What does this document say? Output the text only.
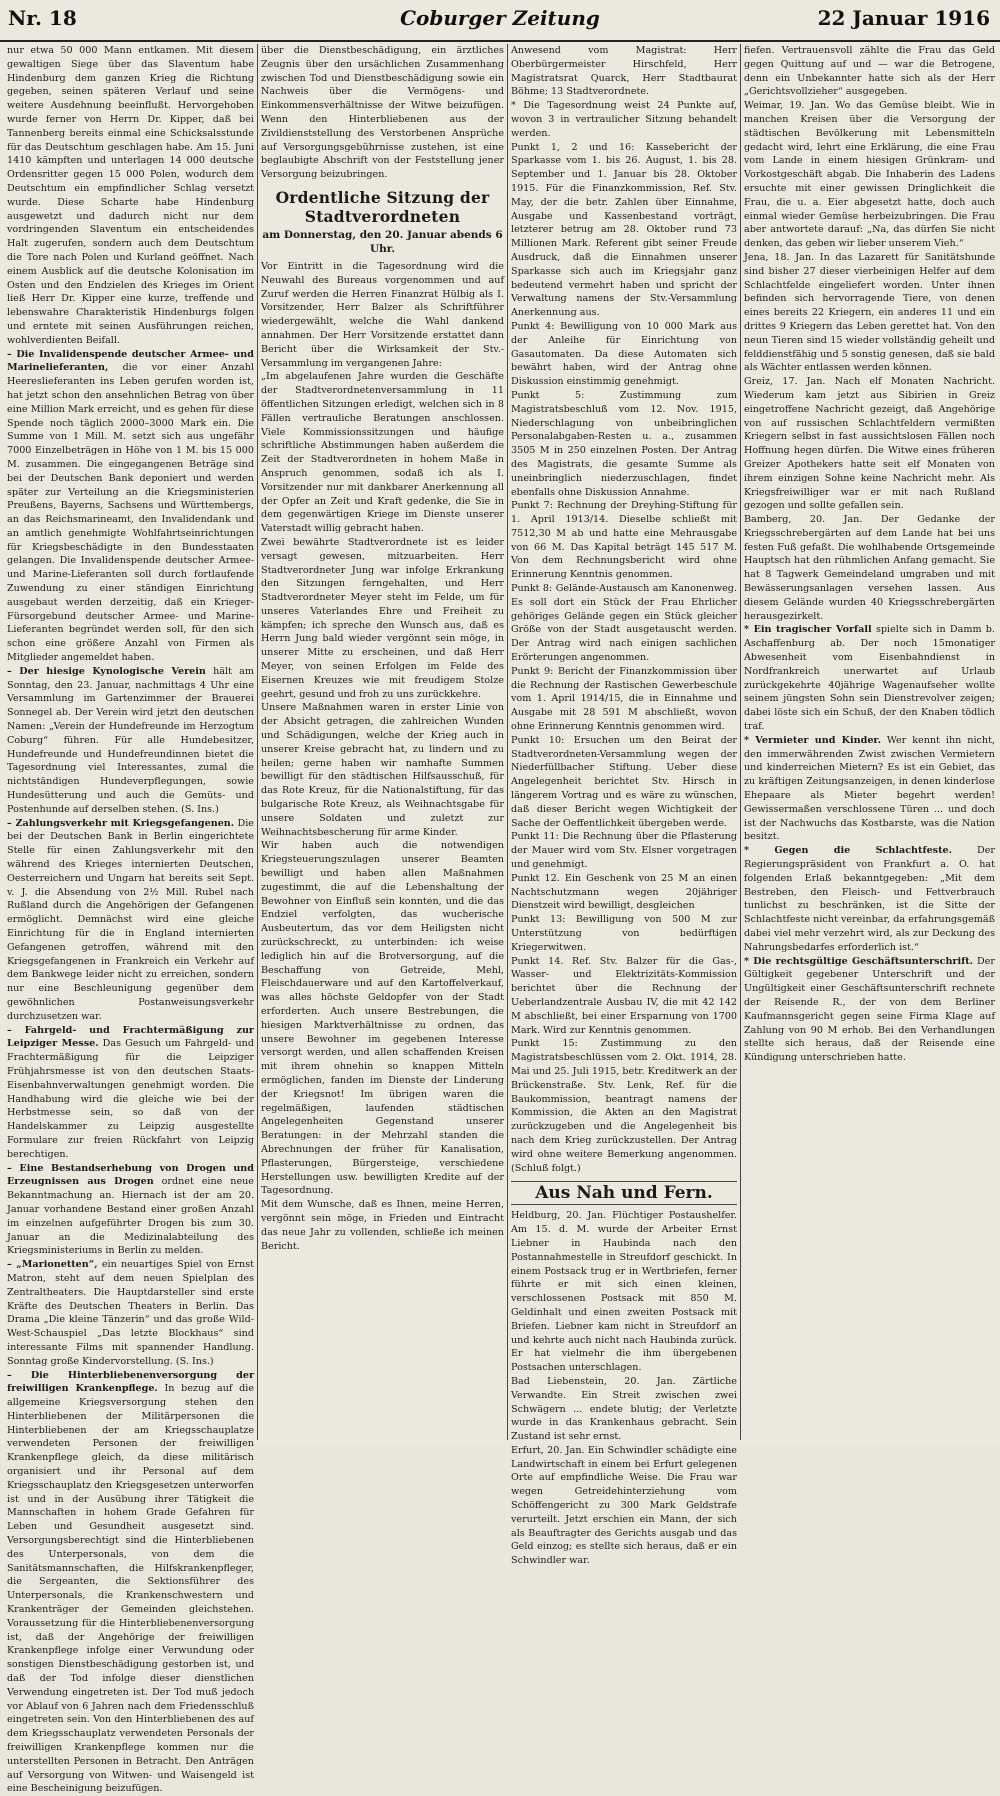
Nr. 18	Coburger Zeitung	22 Januar 1916

nur etwa 50 000 Mann entkamen. Mit diesem gewaltigen Siege über das Slaventum habe Hindenburg dem ganzen Krieg die Richtung gegeben, seinen späteren Verlauf und seine weitere Ausdehnung beeinflußt. Hervorgehoben wurde ferner von Herrn Dr. Kipper, daß bei Tannenberg bereits einmal eine Schicksalsstunde für das Deutschtum geschlagen habe. Am 15. Juni 1410 kämpften und unterlagen 14 000 deutsche Ordensritter gegen 15 000 Polen, wodurch dem Deutschtum ein empfindlicher Schlag versetzt wurde. Diese Scharte habe Hindenburg ausgewetzt und dadurch nicht nur dem vordringenden Slaventum ein entscheidendes Halt zugerufen, sondern auch dem Deutschtum die Tore nach Polen und Kurland geöffnet. Nach einem Ausblick auf die deutsche Kolonisation im Osten und den Endzielen des Krieges im Orient ließ Herr Dr. Kipper eine kurze, treffende und lebenswahre Charakteristik Hindenburgs folgen und erntete mit seinen Ausführungen reichen, wohlverdienten Beifall.

– Die Invalidenspende deutscher Armee- und Marinelieferanten, die vor einer Anzahl Heereslieferanten ins Leben gerufen worden ist, hat jetzt schon den ansehnlichen Betrag von über eine Million Mark erreicht, und es gehen für diese Spende noch täglich 2000–3000 Mark ein. Die Summe von 1 Mill. M. setzt sich aus ungefähr 7000 Einzelbeträgen in Höhe von 1 M. bis 15 000 M. zusammen. Die eingegangenen Beträge sind bei der Deutschen Bank deponiert und werden später zur Verteilung an die Kriegsministerien Preußens, Bayerns, Sachsens und Württembergs, an das Reichsmarineamt, den Invalidendank und an amtlich genehmigte Wohlfahrtseinrichtungen für Kriegsbeschädigte in den Bundesstaaten gelangen. Die Invalidenspende deutscher Armee- und Marine-Lieferanten soll durch fortlaufende Zuwendung zu einer ständigen Einrichtung ausgebaut werden derzeitig, daß ein Krieger-Fürsorgebund deutscher Armee- und Marine-Lieferanten begründet werden soll, für den sich schon eine größere Anzahl von Firmen als Mitglieder angemeldet haben.

– Der hiesige Kynologische Verein hält am Sonntag, den 23. Januar, nachmittags 4 Uhr eine Versammlung im Gartenzimmer der Brauerei Sonnegel ab. Der Verein wird jetzt den deutschen Namen: „Verein der Hundefreunde im Herzogtum Coburg“ führen. Für alle Hundebesitzer, Hundefreunde und Hundefreundinnen bietet die Tagesordnung viel Interessantes, zumal die nichtständigen Hundeverpflegungen, sowie Hundesütterung und auch die Gemüts- und Postenhunde auf derselben stehen. (S. Ins.)

– Zahlungsverkehr mit Kriegsgefangenen. Die bei der Deutschen Bank in Berlin eingerichtete Stelle für einen Zahlungsverkehr mit den während des Krieges internierten Deutschen, Oesterreichern und Ungarn hat bereits seit Sept. v. J. die Absendung von 2½ Mill. Rubel nach Rußland durch die Angehörigen der Gefangenen ermöglicht. Demnächst wird eine gleiche Einrichtung für die in England internierten Gefangenen getroffen, während mit den Kriegsgefangenen in Frankreich ein Verkehr auf dem Bankwege leider nicht zu erreichen, sondern nur eine Beschleunigung gegenüber dem gewöhnlichen Postanweisungsverkehr durchzusetzen war.

– Fahrgeld- und Frachtermäßigung zur Leipziger Messe. Das Gesuch um Fahrgeld- und Frachtermäßigung für die Leipziger Frühjahrsmesse ist von den deutschen Staats-Eisenbahnverwaltungen genehmigt worden. Die Handhabung wird die gleiche wie bei der Herbstmesse sein, so daß von der Handelskammer zu Leipzig ausgestellte Formulare zur freien Rückfahrt von Leipzig berechtigen.

– Eine Bestandserhebung von Drogen und Erzeugnissen aus Drogen ordnet eine neue Bekanntmachung an. Hiernach ist der am 20. Januar vorhandene Bestand einer großen Anzahl im einzelnen aufgeführter Drogen bis zum 30. Januar an die Medizinalabteilung des Kriegsministeriums in Berlin zu melden.

– „Marionetten“, ein neuartiges Spiel von Ernst Matron, steht auf dem neuen Spielplan des Zentraltheaters. Die Hauptdarsteller sind erste Kräfte des Deutschen Theaters in Berlin. Das Drama „Die kleine Tänzerin“ und das große Wild-West-Schauspiel „Das letzte Blockhaus“ sind interessante Films mit spannender Handlung. Sonntag große Kindervorstellung. (S. Ins.)

– Die Hinterbliebenenversorgung der freiwilligen Krankenpflege. In bezug auf die allgemeine Kriegsversorgung stehen den Hinterbliebenen der Militärpersonen die Hinterbliebenen der am Kriegsschauplatze verwendeten Personen der freiwilligen Krankenpflege gleich, da diese militärisch organisiert und ihr Personal auf dem Kriegsschauplatz den Kriegsgesetzen unterworfen ist und in der Ausübung ihrer Tätigkeit die Mannschaften in hohem Grade Gefahren für Leben und Gesundheit ausgesetzt sind. Versorgungsberechtigt sind die Hinterbliebenen des Unterpersonals, von dem die Sanitätsmannschaften, die Hilfskrankenpfleger, die Sergeanten, die Sektionsführer des Unterpersonals, die Krankenschwestern und Krankenträger der Gemeinden gleichstehen. Voraussetzung für die Hinterbliebenenversorgung ist, daß der Angehörige der freiwilligen Krankenpflege infolge einer Verwundung oder sonstigen Dienstbeschädigung gestorben ist, und daß der Tod infolge dieser dienstlichen Verwendung eingetreten ist. Der Tod muß jedoch vor Ablauf von 6 Jahren nach dem Friedensschluß eingetreten sein. Von den Hinterbliebenen des auf dem Kriegsschauplatz verwendeten Personals der freiwilligen Krankenpflege kommen nur die unterstellten Personen in Betracht. Den Anträgen auf Versorgung von Witwen- und Waisengeld ist eine Bescheinigung beizufügen.

über die Dienstbeschädigung, ein ärztliches Zeugnis über den ursächlichen Zusammenhang zwischen Tod und Dienstbeschädigung sowie ein Nachweis über die Vermögens- und Einkommensverhältnisse der Witwe beizufügen. Wenn den Hinterbliebenen aus der Zivildienststellung des Verstorbenen Ansprüche auf Versorgungsgebührnisse zustehen, ist eine beglaubigte Abschrift von der Feststellung jener Versorgung beizubringen.

Ordentliche Sitzung der Stadtverordneten
am Donnerstag, den 20. Januar abends 6 Uhr.

Vor Eintritt in die Tagesordnung wird die Neuwahl des Bureaus vorgenommen und auf Zuruf werden die Herren Finanzrat Hülbig als I. Vorsitzender, Herr Balzer als Schriftführer wiedergewählt, welche die Wahl dankend annahmen. Der Herr Vorsitzende erstattet dann Bericht über die Wirksamkeit der Stv.-Versammlung im vergangenen Jahre:

„Im abgelaufenen Jahre wurden die Geschäfte der Stadtverordnetenversammlung in 11 öffentlichen Sitzungen erledigt, welchen sich in 8 Fällen vertrauliche Beratungen anschlossen. Viele Kommissionssitzungen und häufige schriftliche Abstimmungen haben außerdem die Zeit der Stadtverordneten in hohem Maße in Anspruch genommen, sodaß ich als I. Vorsitzender nur mit dankbarer Anerkennung all der Opfer an Zeit und Kraft gedenke, die Sie in dem gegenwärtigen Kriege im Dienste unserer Vaterstadt willig gebracht haben.

Zwei bewährte Stadtverordnete ist es leider versagt gewesen, mitzuarbeiten. Herr Stadtverordneter Jung war infolge Erkrankung den Sitzungen ferngehalten, und Herr Stadtverordneter Meyer steht im Felde, um für unseres Vaterlandes Ehre und Freiheit zu kämpfen; ich spreche den Wunsch aus, daß es Herrn Jung bald wieder vergönnt sein möge, in unserer Mitte zu erscheinen, und daß Herr Meyer, von seinen Erfolgen im Felde des Eisernen Kreuzes wie mit freudigem Stolze geehrt, gesund und froh zu uns zurückkehre.

Unsere Maßnahmen waren in erster Linie von der Absicht getragen, die zahlreichen Wunden und Schädigungen, welche der Krieg auch in unserer Kreise gebracht hat, zu lindern und zu heilen; gerne haben wir namhafte Summen bewilligt für den städtischen Hilfsausschuß, für das Rote Kreuz, für die Nationalstiftung, für das bulgarische Rote Kreuz, als Weihnachtsgabe für unsere Soldaten und zuletzt zur Weihnachtsbescherung für arme Kinder.

Wir haben auch die notwendigen Kriegsteuerungszulagen unserer Beamten bewilligt und haben allen Maßnahmen zugestimmt, die auf die Lebenshaltung der Bewohner von Einfluß sein konnten, und die das Endziel verfolgten, das wucherische Ausbeutertum, das vor dem Heiligsten nicht zurückschreckt, zu unterbinden: ich weise lediglich hin auf die Brotversorgung, auf die Beschaffung von Getreide, Mehl, Fleischdauerware und auf den Kartoffelverkauf, was alles höchste Geldopfer von der Stadt erforderten. Auch unsere Bestrebungen, die hiesigen Marktverhältnisse zu ordnen, das unsere Bewohner im gegebenen Interesse versorgt werden, und allen schaffenden Kreisen mit ihrem ohnehin so knappen Mitteln ermöglichen, fanden im Dienste der Linderung der Kriegsnot! Im übrigen waren die regelmäßigen, laufenden städtischen Angelegenheiten Gegenstand unserer Beratungen: in der Mehrzahl standen die Abrechnungen der früher für Kanalisation, Pflasterungen, Bürgersteige, verschiedene Herstellungen usw. bewilligten Kredite auf der Tagesordnung.

Mit dem Wunsche, daß es Ihnen, meine Herren, vergönnt sein möge, in Frieden und Eintracht das neue Jahr zu vollenden, schließe ich meinen Bericht.

Anwesend vom Magistrat: Herr Oberbürgermeister Hirschfeld, Herr Magistratsrat Quarck, Herr Stadtbaurat Böhme; 13 Stadtverordnete.

* Die Tagesordnung weist 24 Punkte auf, wovon 3 in vertraulicher Sitzung behandelt werden.

Punkt 1, 2 und 16: Kassebericht der Sparkasse vom 1. bis 26. August, 1. bis 28. September und 1. Januar bis 28. Oktober 1915. Für die Finanzkommission, Ref. Stv. May, der die betr. Zahlen über Einnahme, Ausgabe und Kassenbestand vorträgt, letzterer betrug am 28. Oktober rund 73 Millionen Mark. Referent gibt seiner Freude Ausdruck, daß die Einnahmen unserer Sparkasse sich auch im Kriegsjahr ganz bedeutend vermehrt haben und spricht der Verwaltung namens der Stv.-Versammlung Anerkennung aus.

Punkt 4: Bewilligung von 10 000 Mark aus der Anleihe für Einrichtung von Gasautomaten. Da diese Automaten sich bewährt haben, wird der Antrag ohne Diskussion einstimmig genehmigt.

Punkt 5: Zustimmung zum Magistratsbeschluß vom 12. Nov. 1915, Niederschlagung von unbeibringlichen Personalabgaben-Resten u. a., zusammen 3505 M in 250 einzelnen Posten. Der Antrag des Magistrats, die gesamte Summe als uneinbringlich niederzuschlagen, findet ebenfalls ohne Diskussion Annahme.

Punkt 7: Rechnung der Dreyhing-Stiftung für 1. April 1913/14. Dieselbe schließt mit 7512,30 M ab und hatte eine Mehrausgabe von 66 M. Das Kapital beträgt 145 517 M. Von dem Rechnungsbericht wird ohne Erinnerung Kenntnis genommen.

Punkt 8: Gelände-Austausch am Kanonenweg. Es soll dort ein Stück der Frau Ehrlicher gehöriges Gelände gegen ein Stück gleicher Größe von der Stadt ausgetauscht werden. Der Antrag wird nach einigen sachlichen Erörterungen angenommen.

Punkt 9: Bericht der Finanzkommission über die Rechnung der Rastischen Gewerbeschule vom 1. April 1914/15, die in Einnahme und Ausgabe mit 28 591 M abschließt, wovon ohne Erinnerung Kenntnis genommen wird.

Punkt 10: Ersuchen um den Beirat der Stadtverordneten-Versammlung wegen der Niederfüllbacher Stiftung. Ueber diese Angelegenheit berichtet Stv. Hirsch in längerem Vortrag und es wäre zu wünschen, daß dieser Bericht wegen Wichtigkeit der Sache der Oeffentlichkeit übergeben werde.

Punkt 11: Die Rechnung über die Pflasterung der Mauer wird vom Stv. Elsner vorgetragen und genehmigt.

Punkt 12. Ein Geschenk von 25 M an einen Nachtschutzmann wegen 20jähriger Dienstzeit wird bewilligt, desgleichen

Punkt 13: Bewilligung von 500 M zur Unterstützung von bedürftigen Kriegerwitwen.

Punkt 14. Ref. Stv. Balzer für die Gas-, Wasser- und Elektrizitäts-Kommission berichtet über die Rechnung der Ueberlandzentrale Ausbau IV, die mit 42 142 M abschließt, bei einer Ersparnung von 1700 Mark. Wird zur Kenntnis genommen.

Punkt 15: Zustimmung zu den Magistratsbeschlüssen vom 2. Okt. 1914, 28. Mai und 25. Juli 1915, betr. Kreditwerk an der Brückenstraße. Stv. Lenk, Ref. für die Baukommission, beantragt namens der Kommission, die Akten an den Magistrat zurückzugeben und die Angelegenheit bis nach dem Krieg zurückzustellen. Der Antrag wird ohne weitere Bemerkung angenommen. (Schluß folgt.)

Aus Nah und Fern.

Heldburg, 20. Jan. Flüchtiger Postaushelfer. Am 15. d. M. wurde der Arbeiter Ernst Liebner in Haubinda nach den Postannahmestelle in Streufdorf geschickt. In einem Postsack trug er in Wertbriefen, ferner führte er mit sich einen kleinen, verschlossenen Postsack mit 850 M. Geldinhalt und einen zweiten Postsack mit Briefen. Liebner kam nicht in Streufdorf an und kehrte auch nicht nach Haubinda zurück. Er hat vielmehr die ihm übergebenen Postsachen unterschlagen.

Bad Liebenstein, 20. Jan. Zärtliche Verwandte. Ein Streit zwischen zwei Schwägern ... endete blutig; der Verletzte wurde in das Krankenhaus gebracht. Sein Zustand ist sehr ernst.

Erfurt, 20. Jan. Ein Schwindler schädigte eine Landwirtschaft in einem bei Erfurt gelegenen Orte auf empfindliche Weise. Die Frau war wegen Getreidehinterziehung vom Schöffengericht zu 300 Mark Geldstrafe verurteilt. Jetzt erschien ein Mann, der sich als Beauftragter des Gerichts ausgab und das Geld einzog; es stellte sich heraus, daß er ein Schwindler war.

fiefen. Vertrauensvoll zählte die Frau das Geld gegen Quittung auf und — war die Betrogene, denn ein Unbekannter hatte sich als der Herr „Gerichtsvollzieher“ ausgegeben.

Weimar, 19. Jan. Wo das Gemüse bleibt. Wie in manchen Kreisen über die Versorgung der städtischen Bevölkerung mit Lebensmitteln gedacht wird, lehrt eine Erklärung, die eine Frau vom Lande in einem hiesigen Grünkram- und Vorkostgeschäft abgab. Die Inhaberin des Ladens ersuchte mit einer gewissen Dringlichkeit die Frau, die u. a. Eier abgesetzt hatte, doch auch einmal wieder Gemüse herbeizubringen. Die Frau aber antwortete darauf: „Na, das dürfen Sie nicht denken, das geben wir lieber unserem Vieh.“

Jena, 18. Jan. In das Lazarett für Sanitätshunde sind bisher 27 dieser vierbeinigen Helfer auf dem Schlachtfelde eingeliefert worden. Unter ihnen befinden sich hervorragende Tiere, von denen eines bereits 22 Kriegern, ein anderes 11 und ein drittes 9 Kriegern das Leben gerettet hat. Von den neun Tieren sind 15 wieder vollständig geheilt und felddienstfähig und 5 sonstig genesen, daß sie bald als Wächter entlassen werden können.

Greiz, 17. Jan. Nach elf Monaten Nachricht. Wiederum kam jetzt aus Sibirien in Greiz eingetroffene Nachricht gezeigt, daß Angehörige von auf russischen Schlachtfeldern vermißten Kriegern selbst in fast aussichtslosen Fällen noch Hoffnung hegen dürfen. Die Witwe eines früheren Greizer Apothekers hatte seit elf Monaten von ihrem einzigen Sohne keine Nachricht mehr. Als Kriegsfreiwilliger war er mit nach Rußland gezogen und sollte gefallen sein.

Bamberg, 20. Jan. Der Gedanke der Kriegsschrebergärten auf dem Lande hat bei uns festen Fuß gefaßt. Die wohlhabende Ortsgemeinde Hauptsch hat den rühmlichen Anfang gemacht. Sie hat 8 Tagwerk Gemeindeland umgraben und mit Bewässerungsanlagen versehen lassen. Aus diesem Gelände wurden 40 Kriegsschrebergärten herausgezirkelt.

* Ein tragischer Vorfall spielte sich in Damm b. Aschaffenburg ab. Der noch 15monatiger Abwesenheit vom Eisenbahndienst in Nordfrankreich unerwartet auf Urlaub zurückgekehrte 40jährige Wagenaufseher wollte seinem jüngsten Sohn sein Dienstrevolver zeigen; dabei löste sich ein Schuß, der den Knaben tödlich traf.

* Vermieter und Kinder. Wer kennt ihn nicht, den immerwährenden Zwist zwischen Vermietern und kinderreichen Mietern? Es ist ein Gebiet, das zu kräftigen Zeitungsanzeigen, in denen kinderlose Ehepaare als Mieter begehrt werden! Gewissermaßen verschlossene Türen ... und doch ist der Nachwuchs das Kostbarste, was die Nation besitzt.

* Gegen die Schlachtfeste.	Der Regierungspräsident von Frankfurt a. O. hat folgenden Erlaß bekanntgegeben: „Mit dem Bestreben, den Fleisch- und Fettverbrauch tunlichst zu beschränken, ist die Sitte der Schlachtfeste nicht vereinbar, da erfahrungsgemäß dabei viel mehr verzehrt wird, als zur Deckung des Nahrungsbedarfes erforderlich ist.“

* Die rechtsgültige Geschäftsunterschrift. Der Gültigkeit gegebener Unterschrift und der Ungültigkeit einer Geschäftsunterschrift rechnete der Reisende R., der von dem Berliner Kaufmannsgericht gegen seine Firma Klage auf Zahlung von 90 M erhob. Bei den Verhandlungen stellte sich heraus, daß der Reisende eine Kündigung unterschrieben hatte.
